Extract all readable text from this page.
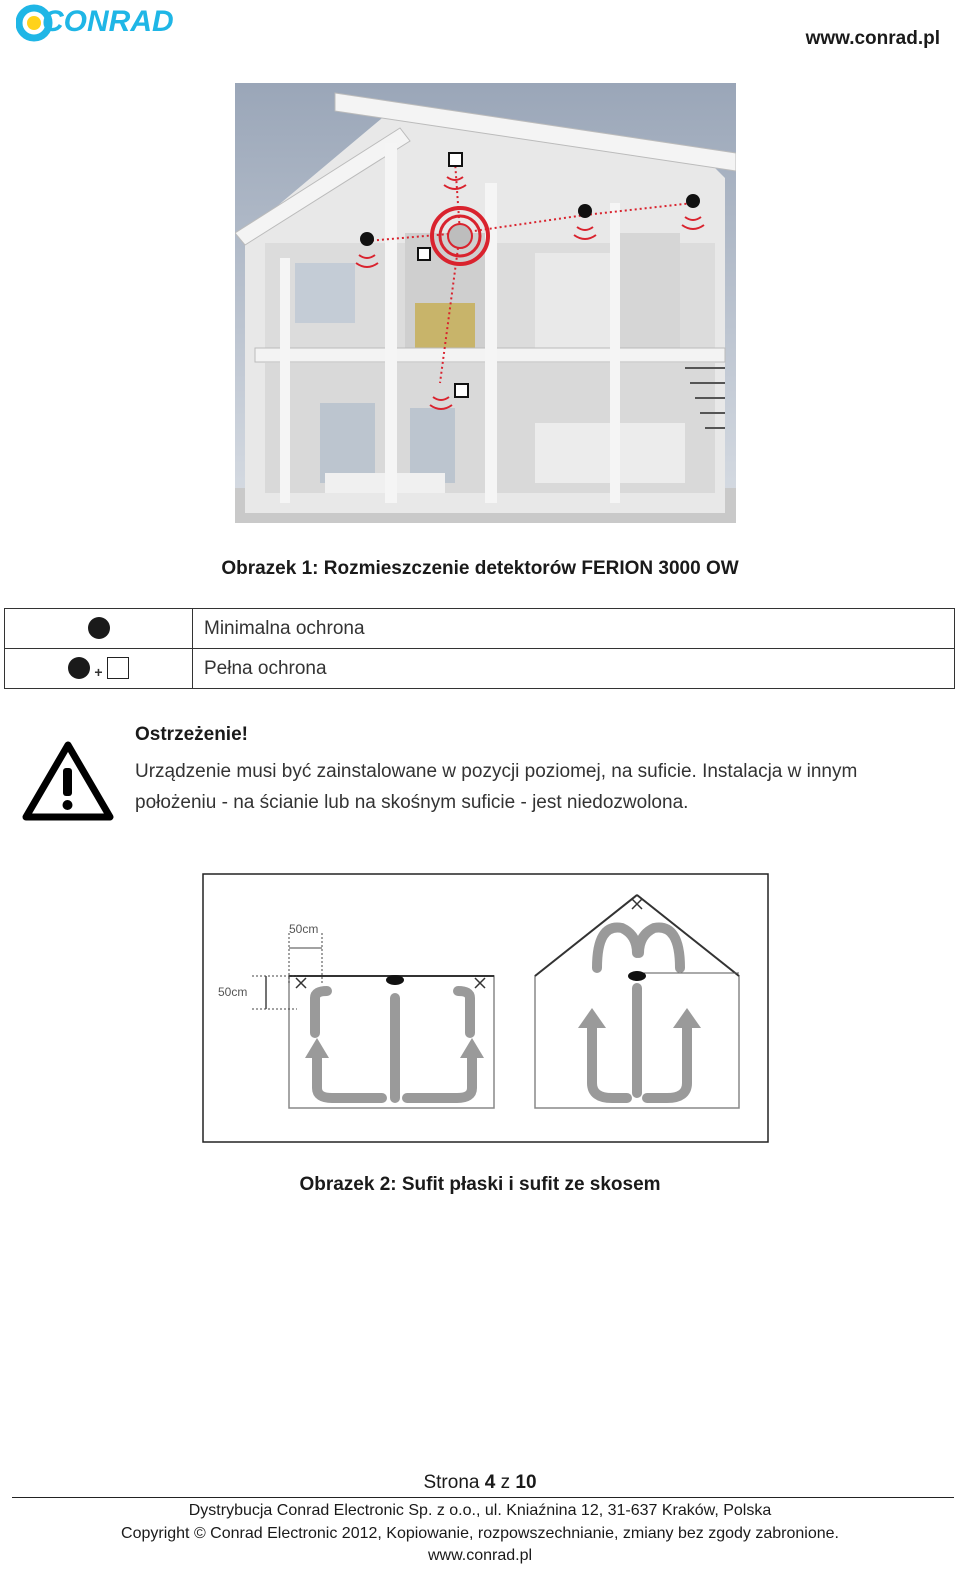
CONRAD
www.conrad.pl
Obrazek 1: Rozmieszczenie detektorów FERION 3000 OW
	Minimalna ochrona
+	Pełna ochrona
Ostrzeżenie!
Urządzenie musi być zainstalowane w pozycji poziomej, na suficie. Instalacja w innym położeniu - na ścianie lub na skośnym suficie - jest niedozwolona.
50cm
50cm
Obrazek 2: Sufit płaski i sufit ze skosem
Strona 4 z 10
Dystrybucja Conrad Electronic Sp. z o.o., ul. Kniaźnina 12, 31-637 Kraków, Polska
Copyright © Conrad Electronic 2012, Kopiowanie, rozpowszechnianie, zmiany bez zgody zabronione.
www.conrad.pl
